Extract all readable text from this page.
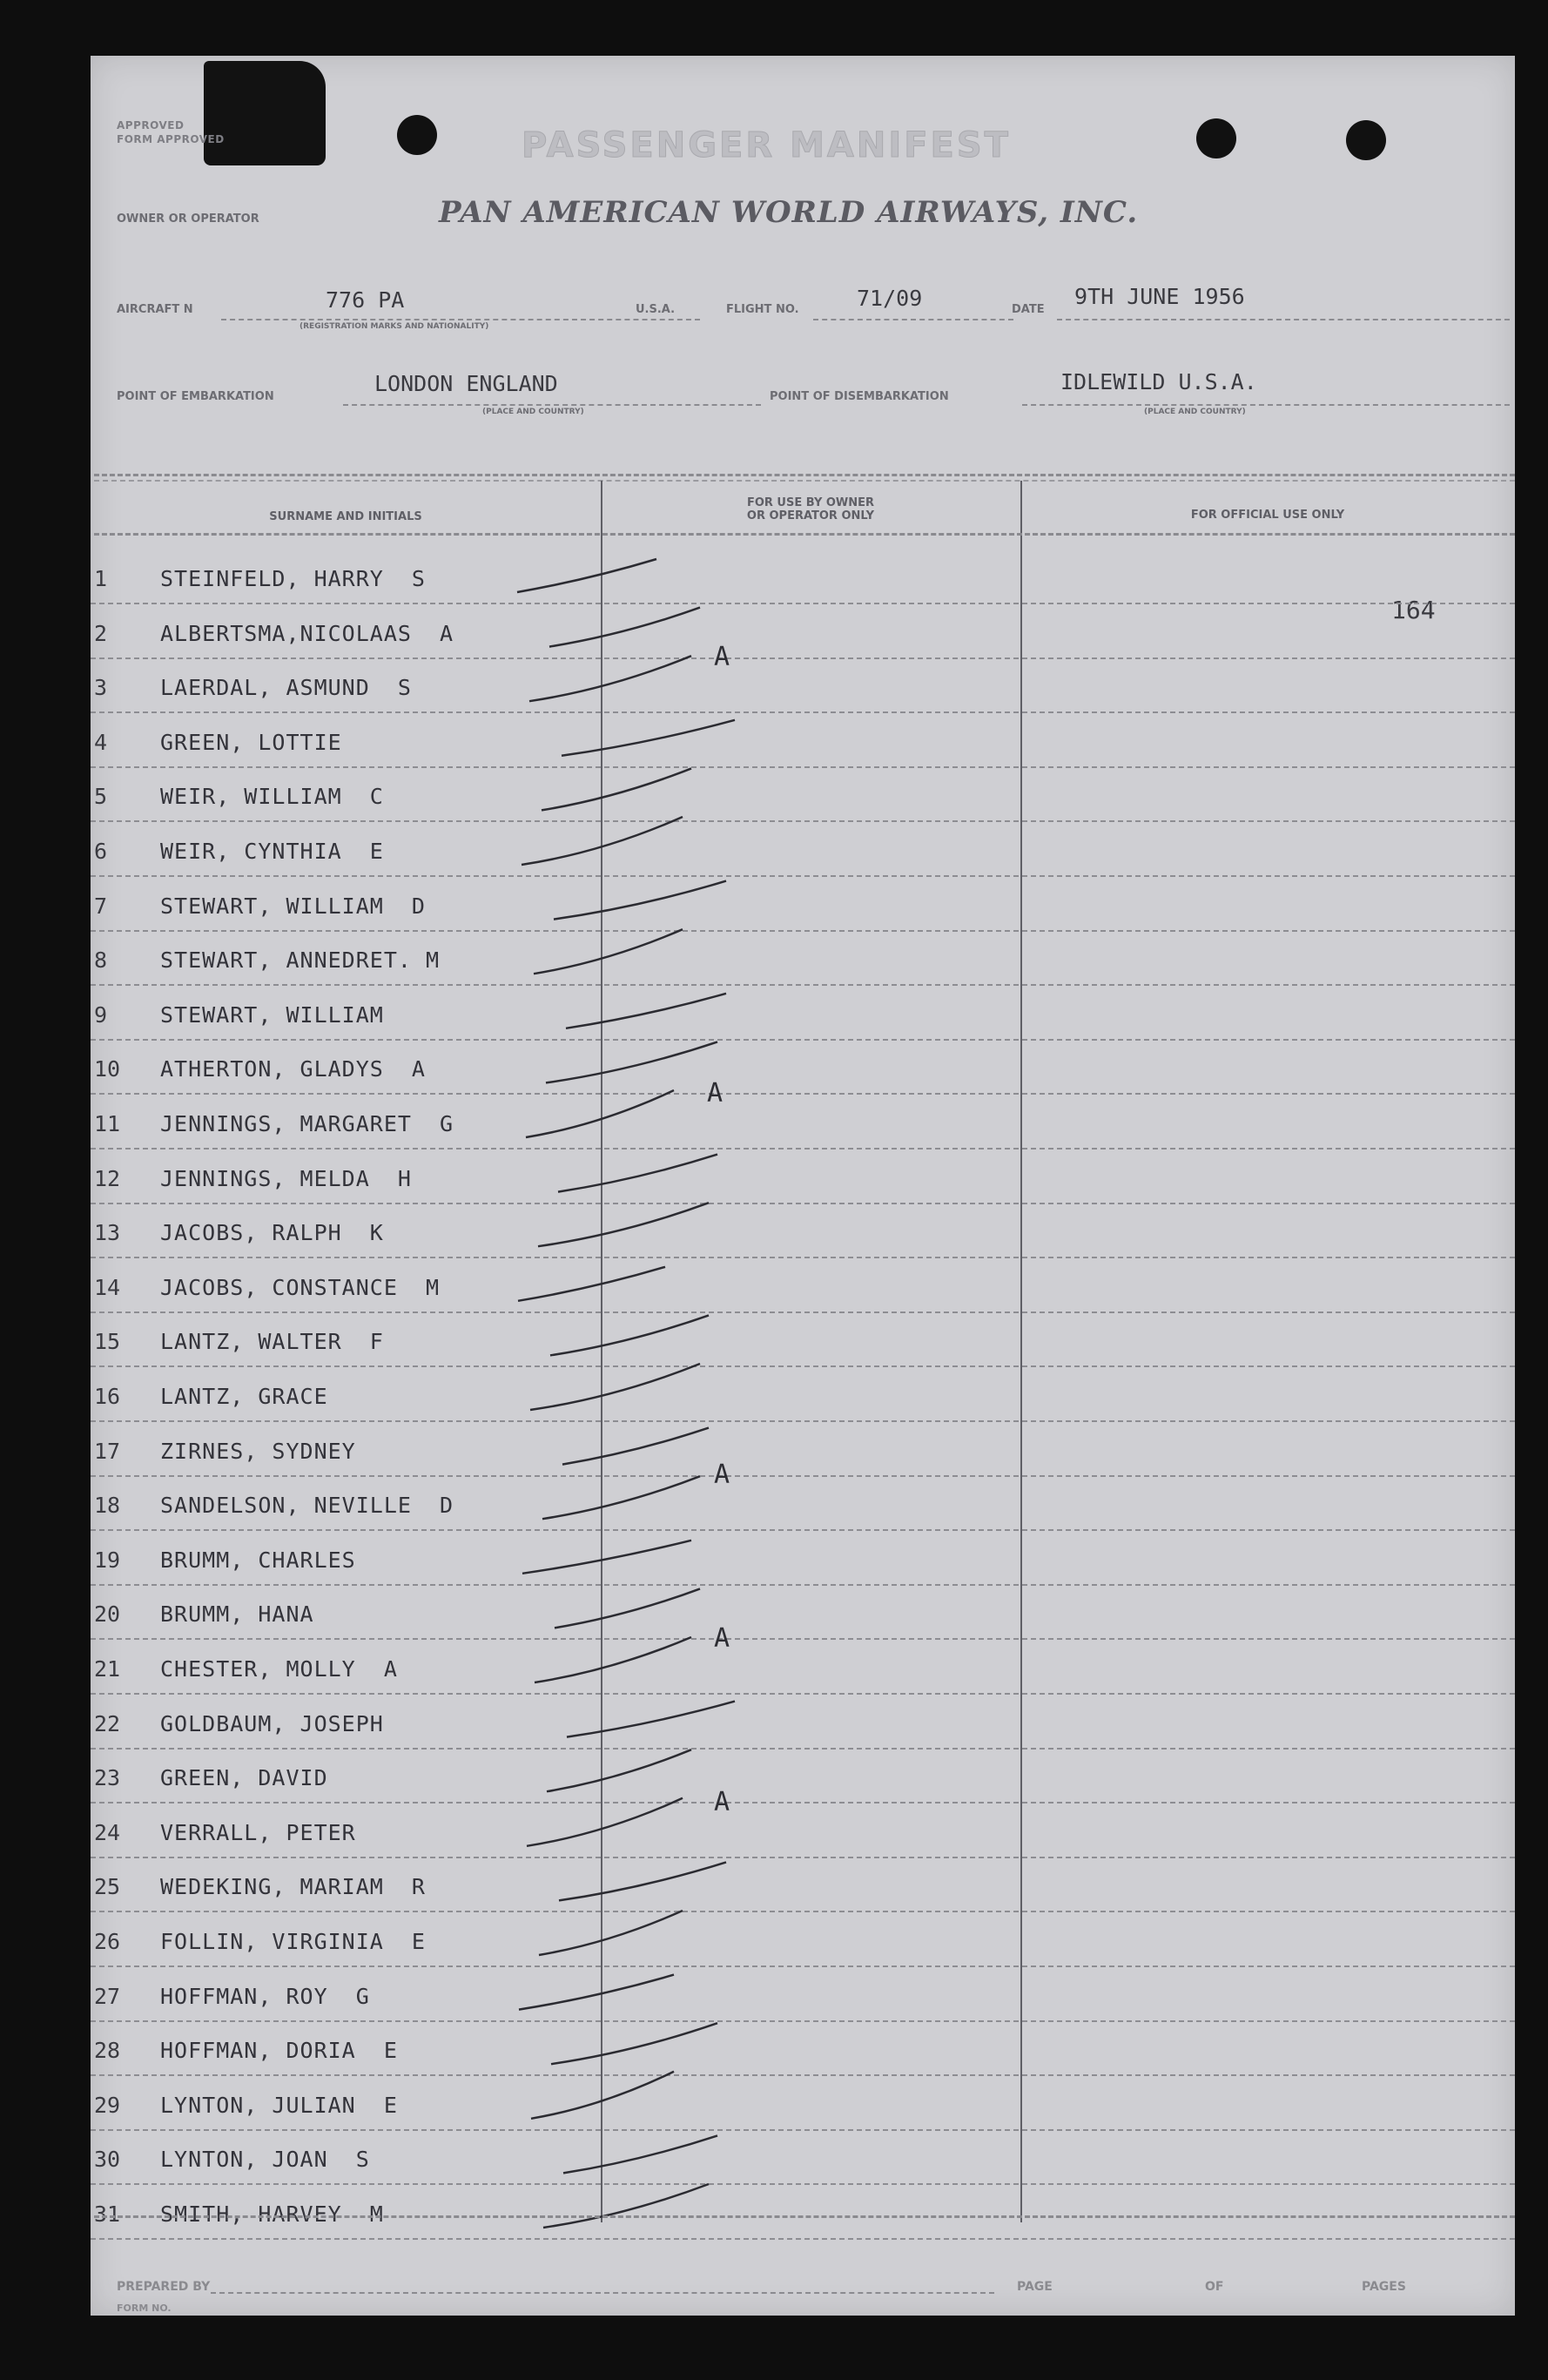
APPROVED
FORM APPROVED	PASSENGER MANIFEST
OWNER OR OPERATOR	PAN AMERICAN WORLD AIRWAYS, INC.
AIRCRAFT N	776 PA
(REGISTRATION MARKS AND NATIONALITY)
U.S.A.	FLIGHT NO.	71/09	DATE
9TH JUNE 1956
POINT OF EMBARKATION
LONDON ENGLAND
(PLACE AND COUNTRY)
POINT OF DISEMBARKATION
IDLEWILD U.S.A.
(PLACE AND COUNTRY)
SURNAME AND INITIALS
FOR USE BY OWNER
OR OPERATOR ONLY	FOR OFFICIAL USE ONLY
164
1	STEINFELD, HARRY  S
2	ALBERTSMA,NICOLAAS  A
A
3	LAERDAL, ASMUND  S
4	GREEN, LOTTIE
5	WEIR, WILLIAM  C
6	WEIR, CYNTHIA  E
7	STEWART, WILLIAM  D
8	STEWART, ANNEDRET. M
9	STEWART, WILLIAM
10	ATHERTON, GLADYS  A
A
11	JENNINGS, MARGARET  G
12	JENNINGS, MELDA  H
13	JACOBS, RALPH  K
14	JACOBS, CONSTANCE  M
15	LANTZ, WALTER  F
16	LANTZ, GRACE
17	ZIRNES, SYDNEY
A
18	SANDELSON, NEVILLE  D
19	BRUMM, CHARLES
20	BRUMM, HANA
A
21	CHESTER, MOLLY  A
22	GOLDBAUM, JOSEPH
23	GREEN, DAVID
A
24	VERRALL, PETER
25	WEDEKING, MARIAM  R
26	FOLLIN, VIRGINIA  E
27	HOFFMAN, ROY  G
28	HOFFMAN, DORIA  E
29	LYNTON, JULIAN  E
30	LYNTON, JOAN  S
31	SMITH, HARVEY  M
PREPARED BY	PAGE	OF	PAGES
FORM NO.
